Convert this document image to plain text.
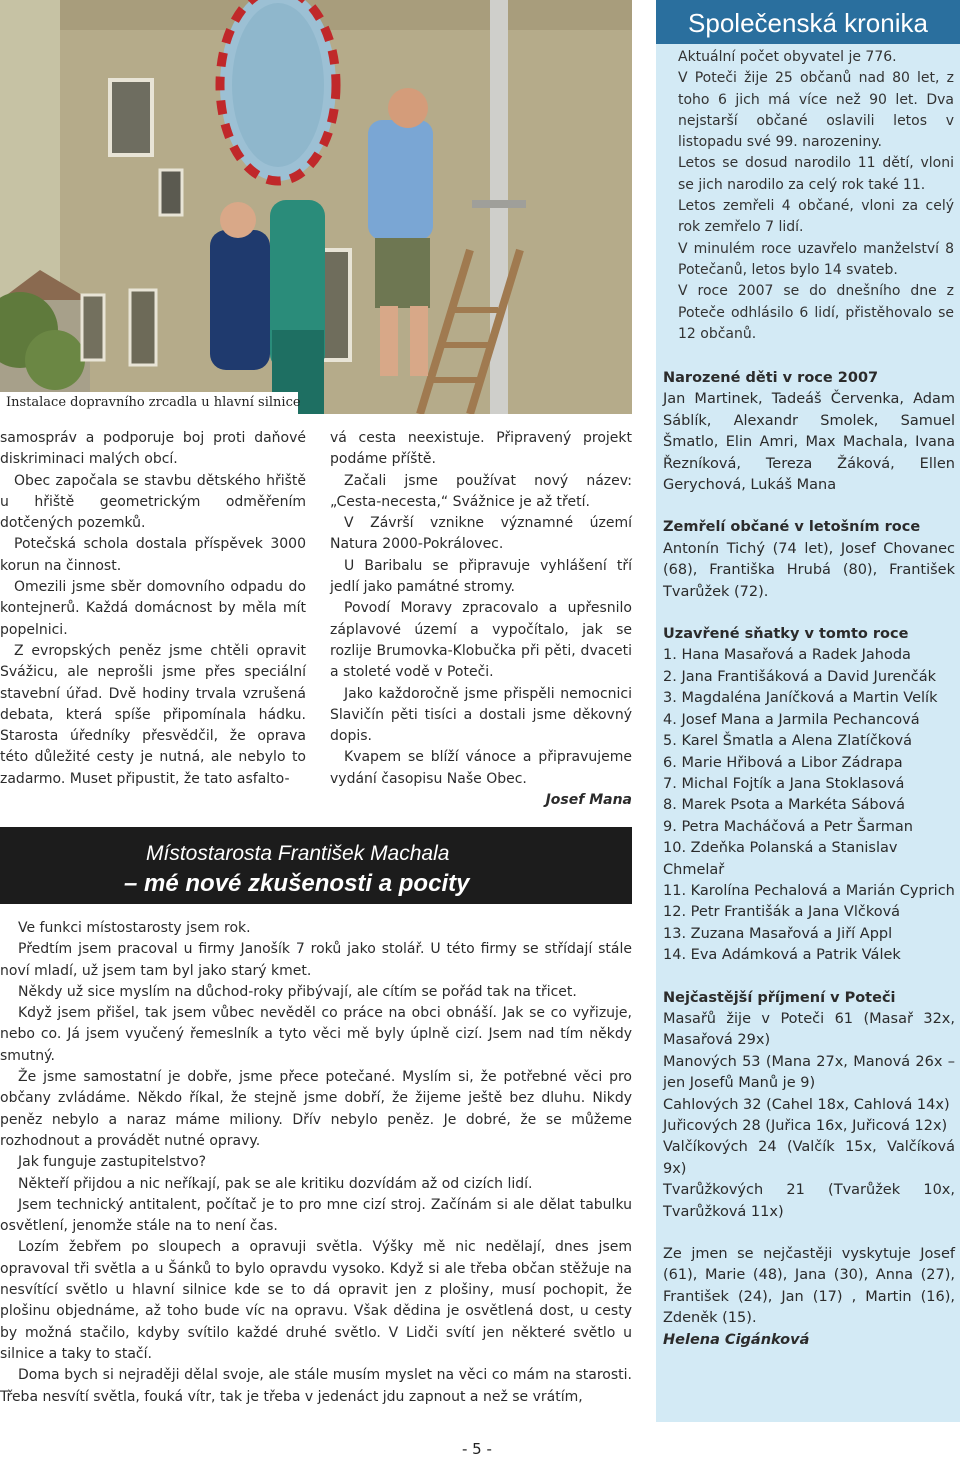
Instalace dopravního zrcadla u hlavní silnice

samospráv a podporuje boj proti daňové diskriminaci malých obcí.

Obec započala se stavbu dětského hřiště u hřiště geometrickým odměřením dotčených pozemků.

Potečská schola dostala příspěvek 3000 korun na činnost.

Omezili jsme sběr domovního odpadu do kontejnerů. Každá domácnost by měla mít popelnici.

Z evropských peněz jsme chtěli opravit Svážicu, ale neprošli jsme přes speciální stavební úřad. Dvě hodiny trvala vzrušená debata, která spíše připomínala hádku. Starosta úředníky přesvědčil, že oprava této důležité cesty je nutná, ale nebylo to zadarmo. Muset připustit, že tato asfalto-

vá cesta neexistuje. Připravený projekt podáme příště.

Začali jsme používat nový název: „Cesta-necesta,“ Svážnice je až třetí.

V Závrší vznikne významné území Natura 2000-Pokrálovec.

U Baribalu se připravuje vyhlášení tří jedlí jako památné stromy.

Povodí Moravy zpracovalo a upřesnilo záplavové území a vypočítalo, jak se rozlije Brumovka-Klobučka při pěti, dvaceti a stoleté vodě v Poteči.

Jako každoročně jsme přispěli nemocnici Slavičín pěti tisíci a dostali jsme děkovný dopis.

Kvapem se blíží vánoce a připravujeme vydání časopisu Naše Obec.

Josef Mana

Místostarosta František Machala
– mé nové zkušenosti a pocity

Ve funkci místostarosty jsem rok.

Předtím jsem pracoval u firmy Janošík 7 roků jako stolář. U této firmy se střídají stále noví mladí, už jsem tam byl jako starý kmet.

Někdy už sice myslím na důchod-roky přibývají, ale cítím se pořád tak na třicet.

Když jsem přišel, tak jsem vůbec nevěděl co práce na obci obnáší. Jak se co vyřizuje, nebo co. Já jsem vyučený řemeslník a tyto věci mě byly úplně cizí. Jsem nad tím někdy smutný.

Že jsme samostatní je dobře, jsme přece potečané. Myslím si, že potřebné věci pro občany zvládáme. Někdo říkal, že stejně jsme dobří, že žijeme ještě bez dluhu. Nikdy peněz nebylo a naraz máme miliony. Dřív nebylo peněz. Je dobré, že se můžeme rozhodnout a provádět nutné opravy.

Jak funguje zastupitelstvo?

Někteří přijdou a nic neříkají, pak se ale kritiku dozvídám až od cizích lidí.

Jsem technický antitalent, počítač je to pro mne cizí stroj. Začínám si ale dělat tabulku osvětlení, jenomže stále na to není čas.

Lozím žebřem po sloupech a opravuji světla. Výšky mě nic nedělají, dnes jsem opravoval tři světla a u Šánků to bylo opravdu vysoko. Když si ale třeba občan stěžuje na nesvítící světlo u hlavní silnice kde se to dá opravit jen z plošiny, musí pochopit, že plošinu objednáme, až toho bude víc na opravu. Však dědina je osvětlená dost, u cesty by možná stačilo, kdyby svítilo každé druhé světlo. V Lidči svítí jen některé světlo u silnice a taky to stačí.

Doma bych si nejraději dělal svoje, ale stále musím myslet na věci co mám na starosti. Třeba nesvítí světla, fouká vítr, tak je třeba v jedenáct jdu zapnout a než se vrátím,

- 5 -
Společenská kronika

Aktuální počet obyvatel je 776.

V Poteči žije 25 občanů nad 80 let, z toho 6 jich má více než 90 let. Dva nejstarší občané oslavili letos v listopadu své 99. narozeniny.

Letos se dosud narodilo 11 dětí, vloni se jich narodilo za celý rok také 11.

Letos zemřeli 4 občané, vloni za celý rok zemřelo 7 lidí.

V minulém roce uzavřelo manželství 8 Potečanů, letos bylo 14 svateb.

V roce 2007 se do dnešního dne z Poteče odhlásilo 6 lidí, přistěhovalo se 12 občanů.

Narozené děti v roce 2007

Jan Martinek, Tadeáš Červenka, Adam Sáblík, Alexandr Smolek, Samuel Šmatlo, Elin Amri, Max Machala, Ivana Řezníková, Tereza Žáková, Ellen Gerychová, Lukáš Mana

Zemřelí občané v letošním roce

Antonín Tichý (74 let), Josef Chovanec (68), Františka Hrubá (80), František Tvarůžek (72).

Uzavřené sňatky v tomto roce
1. Hana Masařová a Radek Jahoda
2. Jana Františáková a David Jurenčák
3. Magdaléna Janíčková a Martin Velík
4. Josef Mana a Jarmila Pechancová
5. Karel Šmatla a Alena Zlatíčková
6. Marie Hřibová a Libor Zádrapa
7. Michal Fojtík a Jana Stoklasová
8. Marek Psota a Markéta Sábová
9. Petra Macháčová a Petr Šarman
10. Zdeňka Polanská a Stanislav Chmelař
11. Karolína Pechalová a Marián Cyprich
12. Petr Františák a Jana Vlčková
13. Zuzana Masařová a Jiří Appl
14. Eva Adámková a Patrik Válek
Nejčastější příjmení v Poteči

Masařů žije v Poteči 61 (Masař 32x, Masařová 29x)

Manových 53 (Mana 27x, Manová 26x – jen Josefů Manů je 9)

Cahlových 32 (Cahel 18x, Cahlová 14x)

Juřicových 28 (Juřica 16x, Juřicová 12x)

Valčíkových 24 (Valčík 15x, Valčíková 9x)

Tvarůžkových 21 (Tvarůžek 10x, Tvarůžková 11x)

Ze jmen se nejčastěji vyskytuje Josef (61), Marie (48), Jana (30), Anna (27), František (24), Jan (17) , Martin (16), Zdeněk (15).

Helena Cigánková
